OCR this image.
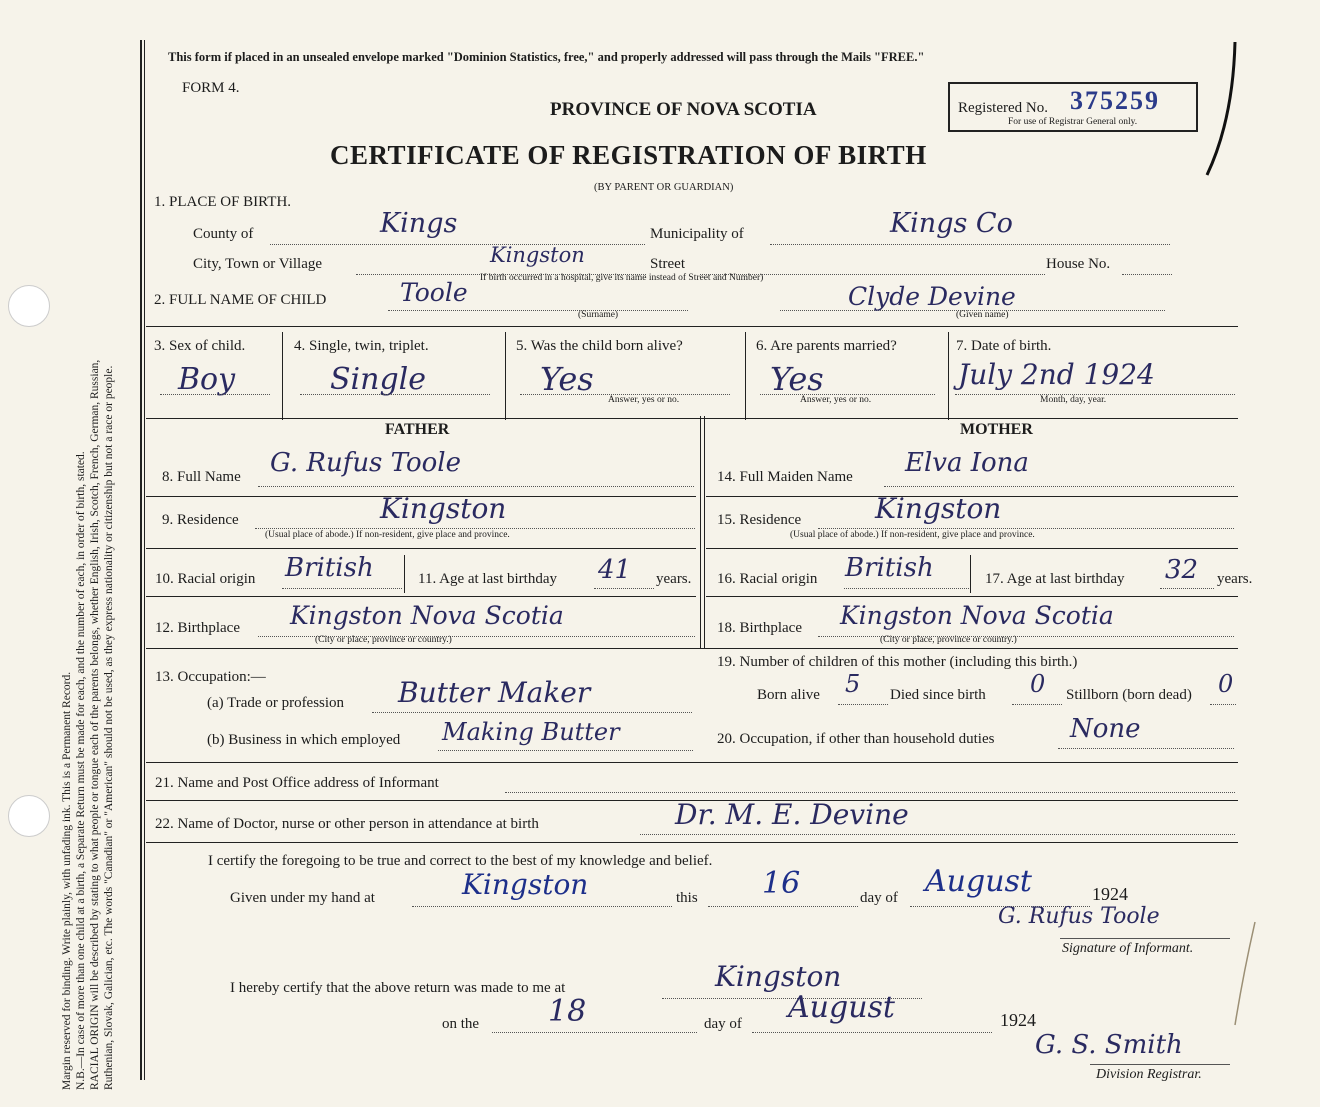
Margin reserved for binding. Write plainly, with unfading ink. This is a Permanent Record. N.B.—In case of more than one child at a birth, a Separate Return must be made for each, and the number of each, in order of birth, stated. RACIAL ORIGIN will be described by stating to what people or tongue each of the parents belongs, whether English, Irish, Scotch, French, German, Russian, Ruthenian, Slovak, Galician, etc. The words "Canadian" or "American" should not be used, as they express nationality or citizenship but not a race or people.
This form if placed in an unsealed envelope marked "Dominion Statistics, free," and properly addressed will pass through the Mails "FREE."
FORM 4.
PROVINCE OF NOVA SCOTIA	Registered No. 375259
For use of Registrar General only.
CERTIFICATE OF REGISTRATION OF BIRTH
(BY PARENT OR GUARDIAN)
1. PLACE OF BIRTH.
County of	Kings	Municipality of	Kings Co
City, Town or Village	Kingston	Street	House No.
If birth occurred in a hospital, give its name instead of Street and Number)
2. FULL NAME OF CHILD	Toole
(Surname)
Clyde Devine
(Given name)
3. Sex of child.
Boy
4. Single, twin, triplet.
Single
5. Was the child born alive?
Yes
Answer, yes or no.
6. Are parents married?
Yes
Answer, yes or no.
7. Date of birth.
July 2nd 1924
Month, day, year.
FATHER	MOTHER
8. Full Name G. Rufus Toole
9. Residence	Kingston
(Usual place of abode.) If non-resident, give place and province.
10. Racial origin British	11. Age at last birthday 41 years.
12. Birthplace Kingston Nova Scotia
(City or place, province or country.)
14. Full Maiden Name Elva Iona
15. Residence	Kingston
(Usual place of abode.) If non-resident, give place and province.
16. Racial origin British	17. Age at last birthday 32 years.
18. Birthplace Kingston Nova Scotia
(City or place, province or country.)
13. Occupation:—
(a) Trade or profession Butter Maker
(b) Business in which employed Making Butter
19. Number of children of this mother (including this birth.)
Born alive 5 Died since birth 0 Stillborn (born dead) 0
20. Occupation, if other than household duties	None
21. Name and Post Office address of Informant
22. Name of Doctor, nurse or other person in attendance at birth	Dr. M. E. Devine
I certify the foregoing to be true and correct to the best of my knowledge and belief.
Given under my hand at	Kingston	this 16	day of August	1924
G. Rufus Toole
Signature of Informant.
I hereby certify that the above return was made to me at	Kingston
on the 18	day of August	1924
G. S. Smith
Division Registrar.
